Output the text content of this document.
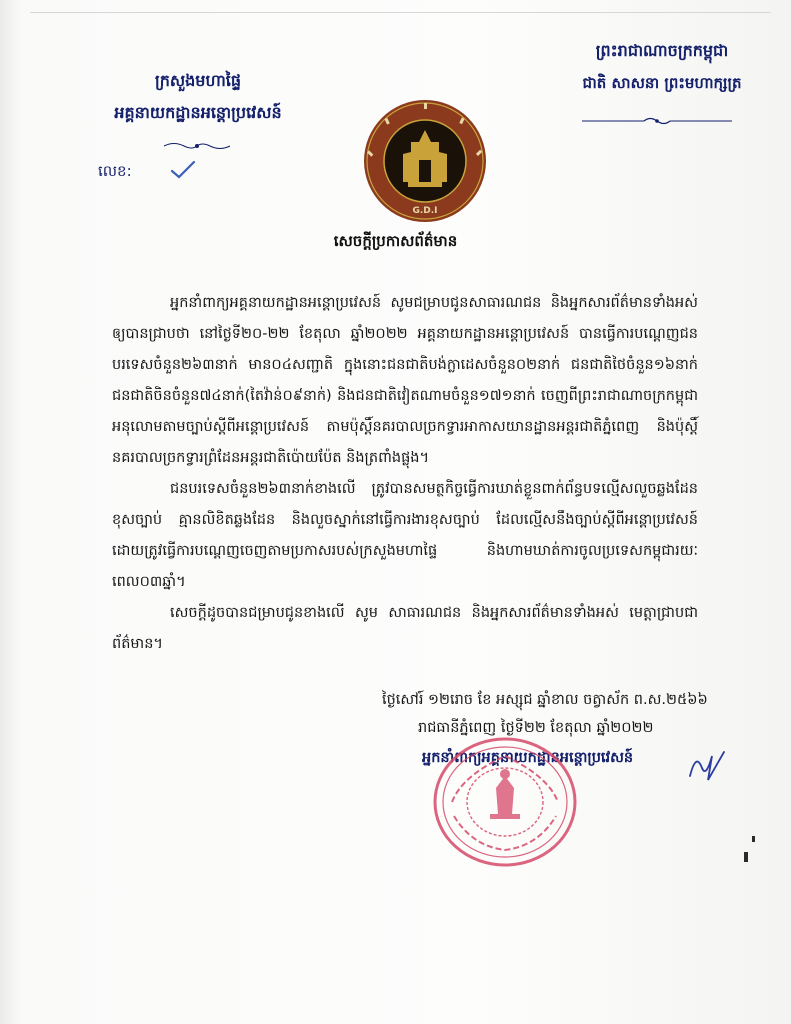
ព្រះរាជាណាចក្រកម្ពុជា
ជាតិ សាសនា ព្រះមហាក្សត្រ
ក្រសួងមហាផ្ទៃ
អគ្គនាយកដ្ឋានអន្តោប្រវេសន៍
លេខ:
G.D.I
សេចក្តីប្រកាសព័ត៌មាន

អ្នកនាំពាក្យអគ្គនាយកដ្ឋានអន្តោប្រវេសន៍ សូមជម្រាបជូនសាធារណជន និងអ្នកសារព័ត៌មានទាំងអស់ ឲ្យបានជ្រាបថា នៅថ្ងៃទី២០-២២ ខែតុលា ឆ្នាំ២០២២ អគ្គនាយកដ្ឋានអន្តោប្រវេសន៍ បានធ្វើការបណ្តេញជនបរទេសចំនួន២៦៣នាក់ មាន០៤សញ្ជាតិ ក្នុងនោះជនជាតិបង់ក្លាដេសចំនួន០២នាក់ ជនជាតិថៃចំនួន១៦នាក់ ជនជាតិចិនចំនួន៧៤នាក់(តៃវ៉ាន់០៩នាក់) និងជនជាតិវៀតណាមចំនួន១៧១នាក់ ចេញពីព្រះរាជាណាចក្រកម្ពុជា អនុលោមតាមច្បាប់ស្តីពីអន្តោប្រវេសន៍ តាមប៉ុស្តិ៍នគរបាលច្រកទ្វារអាកាសយានដ្ឋានអន្តរជាតិភ្នំពេញ និងប៉ុស្តិ៍នគរបាលច្រកទ្វារព្រំដែនអន្តរជាតិប៉ោយប៉ែត និងត្រពាំងផ្លុង។

ជនបរទេសចំនួន២៦៣នាក់ខាងលើ ត្រូវបានសមត្ថកិច្ចធ្វើការឃាត់ខ្លួនពាក់ព័ន្ធបទល្មើសលួចឆ្លងដែនខុសច្បាប់ គ្មានលិខិតឆ្លងដែន និងលួចស្នាក់នៅធ្វើការងារខុសច្បាប់ ដែលល្មើសនឹងច្បាប់ស្តីពីអន្តោប្រវេសន៍ ដោយត្រូវធ្វើការបណ្តេញចេញតាមប្រកាសរបស់ក្រសួងមហាផ្ទៃ និងហាមឃាត់ការចូលប្រទេសកម្ពុជារយៈពេល០៣ឆ្នាំ។

សេចក្តីដូចបានជម្រាបជូនខាងលើ សូម សាធារណជន និងអ្នកសារព័ត៌មានទាំងអស់ មេត្តាជ្រាបជាព័ត៌មាន។

ថ្ងៃសៅរ៍ ១២រោច ខែ អស្សុជ ឆ្នាំខាល ចត្វាស័ក ព.ស.២៥៦៦
រាជធានីភ្នំពេញ ថ្ងៃទី២២ ខែតុលា ឆ្នាំ២០២២
អ្នកនាំពាក្យអគ្គនាយកដ្ឋានអន្តោប្រវេសន៍
